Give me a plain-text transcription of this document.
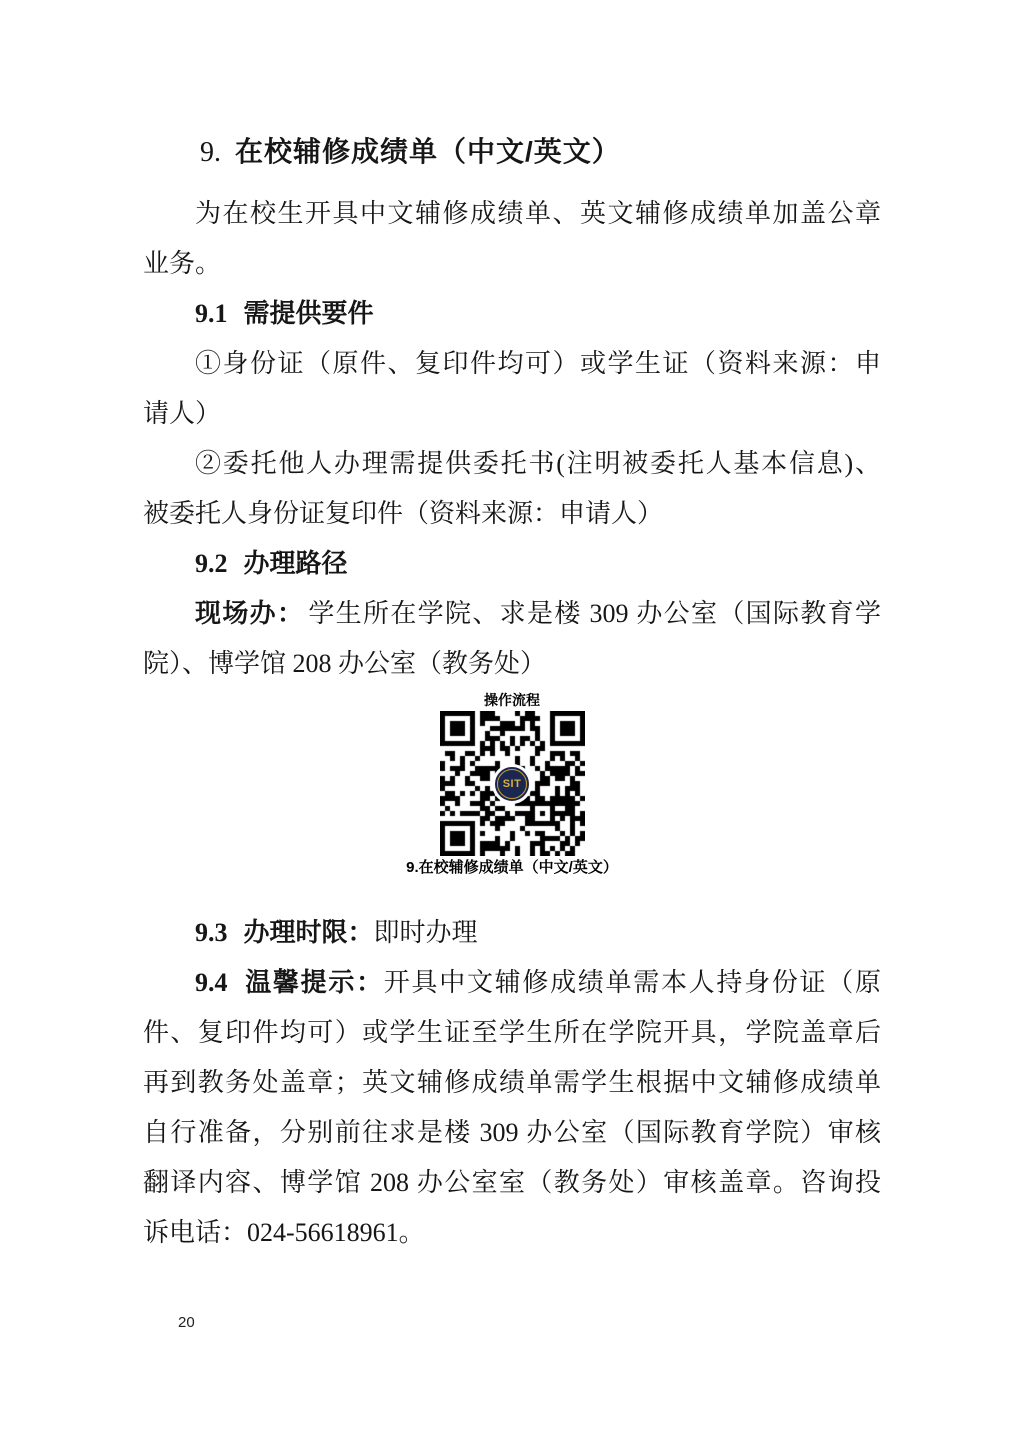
9. 在校辅修成绩单（中文/英文）
为在校生开具中文辅修成绩单、英文辅修成绩单加盖公章
业务。
9.1 需提供要件
①身份证（原件、复印件均可）或学生证（资料来源：申
请人）
②委托他人办理需提供委托书(注明被委托人基本信息)、
被委托人身份证复印件（资料来源：申请人）
9.2 办理路径
现场办： 学生所在学院、求是楼 309 办公室（国际教育学
院）、博学馆 208 办公室（教务处）
操作流程
SIT
9.在校辅修成绩单（中文/英文）
9.3 办理时限：即时办理
9.4 温馨提示：开具中文辅修成绩单需本人持身份证（原
件、复印件均可）或学生证至学生所在学院开具，学院盖章后
再到教务处盖章；英文辅修成绩单需学生根据中文辅修成绩单
自行准备，分别前往求是楼 309 办公室（国际教育学院）审核
翻译内容、博学馆 208 办公室室（教务处）审核盖章。咨询投
诉电话：024-56618961。
20
